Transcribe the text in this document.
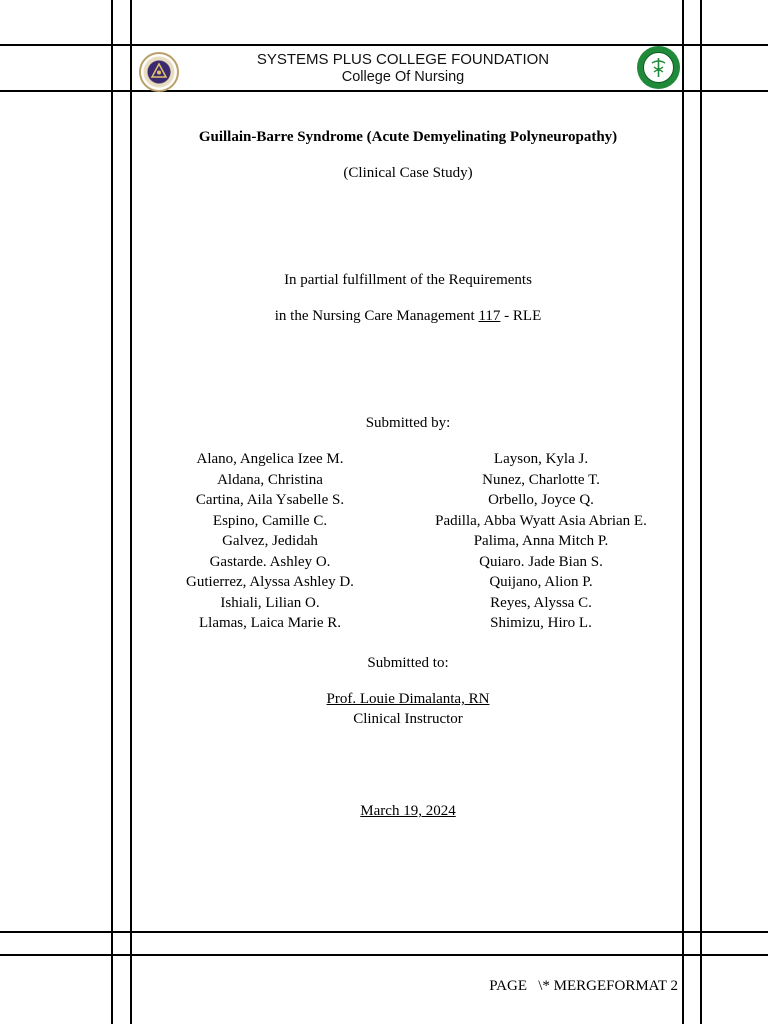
SYSTEMS PLUS COLLEGE FOUNDATION
College Of Nursing
Guillain-Barre Syndrome (Acute Demyelinating Polyneuropathy)
(Clinical Case Study)
In partial fulfillment of the Requirements
in the Nursing Care Management 117 - RLE
Submitted by:
Alano, Angelica Izee M.
Aldana, Christina
Cartina, Aila Ysabelle S.
Espino, Camille C.
Galvez, Jedidah
Gastarde. Ashley O.
Gutierrez, Alyssa Ashley D.
Ishiali, Lilian O.
Llamas, Laica Marie R.
Layson, Kyla J.
Nunez, Charlotte T.
Orbello, Joyce Q.
Padilla, Abba Wyatt Asia Abrian E.
Palima, Anna Mitch P.
Quiaro. Jade Bian S.
Quijano, Alion P.
Reyes, Alyssa C.
Shimizu, Hiro L.
Submitted to:
Prof. Louie Dimalanta, RN
Clinical Instructor
March 19, 2024
PAGE   \* MERGEFORMAT 2
